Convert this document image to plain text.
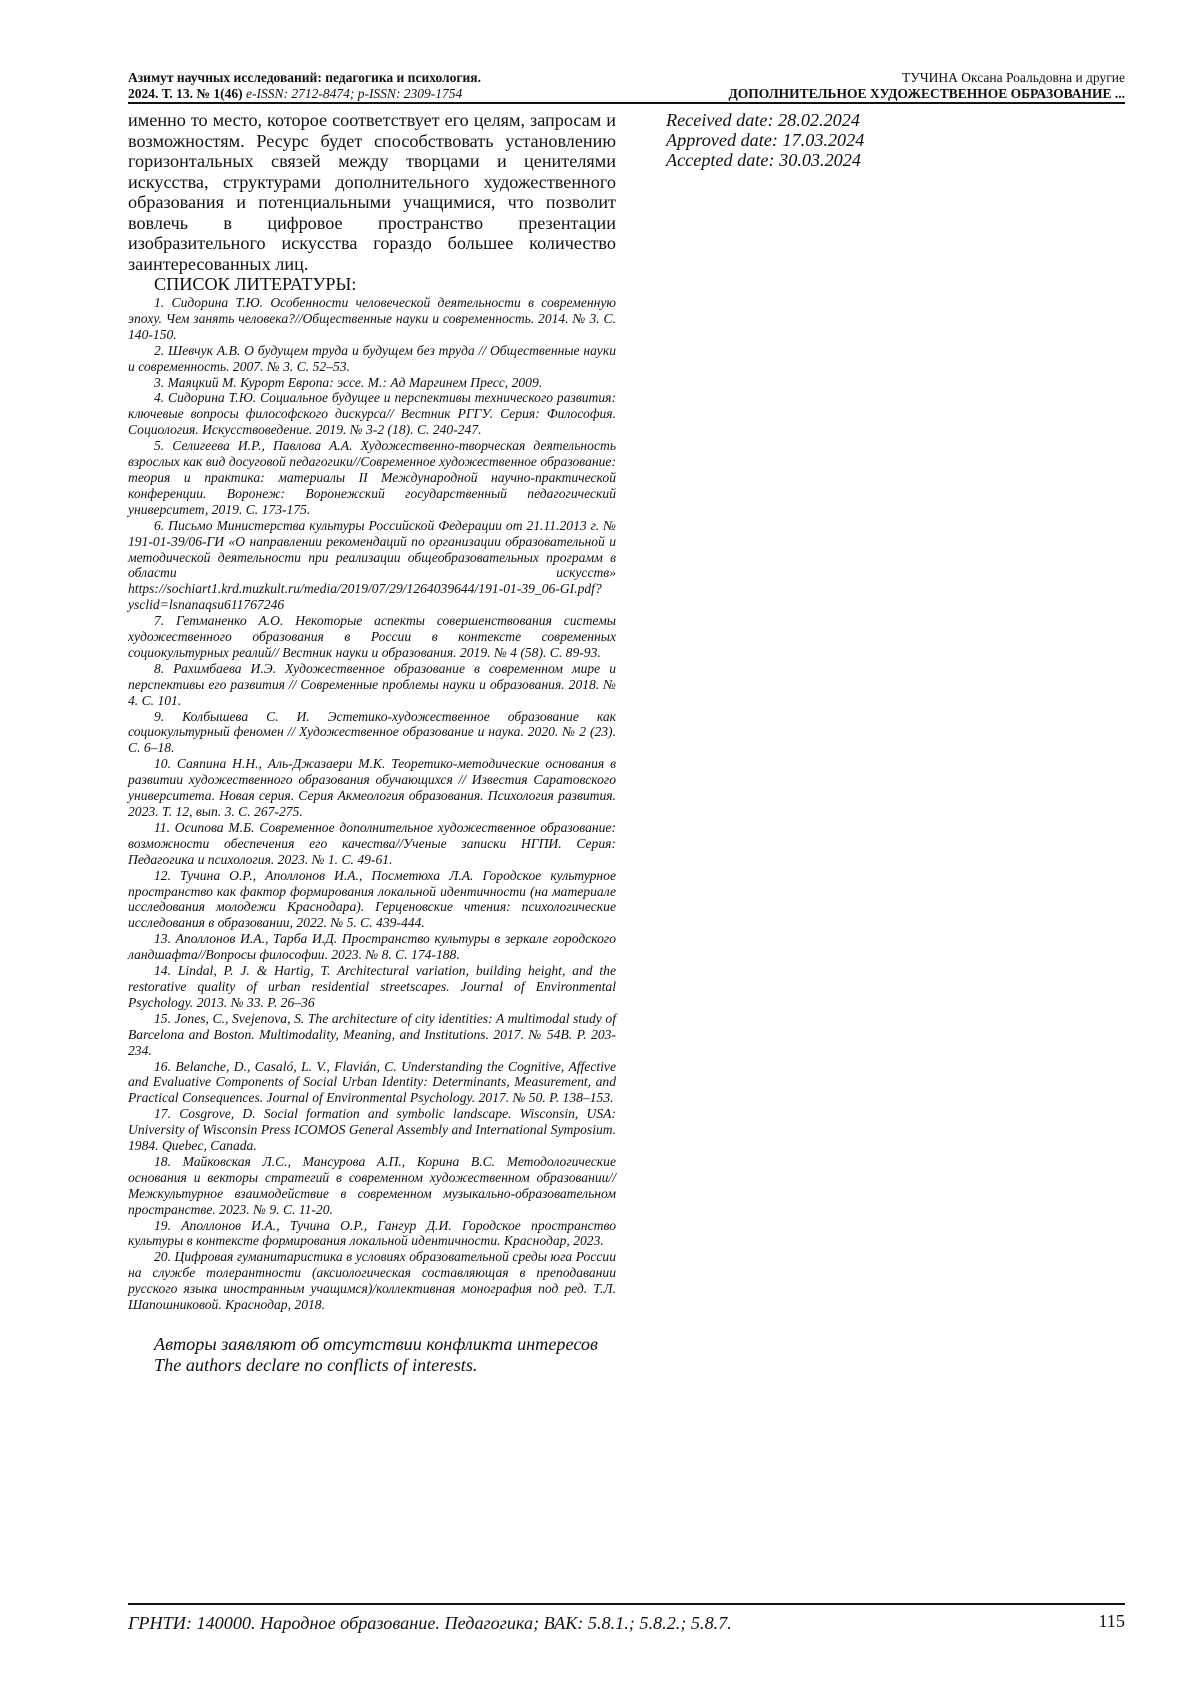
Азимут научных исследований: педагогика и психология.
2024. Т. 13. № 1(46) e-ISSN: 2712-8474; p-ISSN: 2309-1754
ТУЧИНА Оксана Роальдовна и другие
ДОПОЛНИТЕЛЬНОЕ ХУДОЖЕСТВЕННОЕ ОБРАЗОВАНИЕ ...

именно то место, которое соответствует его целям, запросам и возможностям. Ресурс будет способствовать установлению горизонтальных связей между творцами и ценителями искусства, структурами дополнительного художественного образования и потенциальными учащимися, что позволит вовлечь в цифровое пространство презентации изобразительного искусства гораздо большее количество заинтересованных лиц.

СПИСОК ЛИТЕРАТУРЫ:
1. Сидорина Т.Ю. Особенности человеческой деятельности в современную эпоху. Чем занять человека?//Общественные науки и современность. 2014. № 3. С. 140-150.
2. Шевчук А.В. О будущем труда и будущем без труда // Общественные науки и современность. 2007. № 3. С. 52–53.
3. Маяцкий М. Курорт Европа: эссе. М.: Ад Маргинем Пресс, 2009.
4. Сидорина Т.Ю. Социальное будущее и перспективы технического развития: ключевые вопросы философского дискурса// Вестник РГГУ. Серия: Философия. Социология. Искусствоведение. 2019. № 3-2 (18). С. 240-247.
5. Селигеева И.Р., Павлова А.А. Художественно-творческая деятельность взрослых как вид досуговой педагогики//Современное художественное образование: теория и практика: материалы II Международной научно-практической конференции. Воронеж: Воронежский государственный педагогический университет, 2019. С. 173-175.
6. Письмо Министерства культуры Российской Федерации от 21.11.2013 г. № 191-01-39/06-ГИ «О направлении рекомендаций по организации образовательной и методической деятельности при реализации общеобразовательных программ в области искусств» https://sochiart1.krd.muzkult.ru/media/2019/07/29/1264039644/191-01-39_06-GI.pdf?ysclid=lsnanaqsu611767246
7. Гетманенко А.О. Некоторые аспекты совершенствования системы художественного образования в России в контексте современных социокультурных реалий// Вестник науки и образования. 2019. № 4 (58). С. 89-93.
8. Рахимбаева И.Э. Художественное образование в современном мире и перспективы его развития // Современные проблемы науки и образования. 2018. № 4. С. 101.
9. Колбышева С. И. Эстетико-художественное образование как социокультурный феномен // Художественное образование и наука. 2020. № 2 (23). С. 6–18.
10. Саяпина Н.Н., Аль-Джазаери М.К. Теоретико-методические основания в развитии художественного образования обучающихся // Известия Саратовского университета. Новая серия. Серия Акмеология образования. Психология развития. 2023. Т. 12, вып. 3. С. 267-275.
11. Осипова М.Б. Современное дополнительное художественное образование: возможности обеспечения его качества//Ученые записки НГПИ. Серия: Педагогика и психология. 2023. № 1. С. 49-61.
12. Тучина О.Р., Аполлонов И.А., Посметюха Л.А. Городское культурное пространство как фактор формирования локальной идентичности (на материале исследования молодежи Краснодара). Герценовские чтения: психологические исследования в образовании, 2022. № 5. С. 439-444.
13. Аполлонов И.А., Тарба И.Д. Пространство культуры в зеркале городского ландшафта//Вопросы философии. 2023. № 8. С. 174-188.
14. Lindal, P. J. & Hartig, T. Architectural variation, building height, and the restorative quality of urban residential streetscapes. Journal of Environmental Psychology. 2013. № 33. P. 26–36
15. Jones, C., Svejenova, S. The architecture of city identities: A multimodal study of Barcelona and Boston. Multimodality, Meaning, and Institutions. 2017. № 54B. P. 203-234.
16. Belanche, D., Casaló, L. V., Flavián, C. Understanding the Cognitive, Affective and Evaluative Components of Social Urban Identity: Determinants, Measurement, and Practical Consequences. Journal of Environmental Psychology. 2017. № 50. P. 138–153.
17. Cosgrove, D. Social formation and symbolic landscape. Wisconsin, USA: University of Wisconsin Press ICOMOS General Assembly and International Symposium. 1984. Quebec, Canada.
18. Майковская Л.С., Мансурова А.П., Корина В.С. Методологические основания и векторы стратегий в современном художественном образовании// Межкультурное взаимодействие в современном музыкально-образовательном пространстве. 2023. № 9. С. 11-20.
19. Аполлонов И.А., Тучина О.Р., Гангур Д.И. Городское пространство культуры в контексте формирования локальной идентичности. Краснодар, 2023.
20. Цифровая гуманитаристика в условиях образовательной среды юга России на службе толерантности (аксиологическая составляющая в преподавании русского языка иностранным учащимся)/коллективная монография под ред. Т.Л. Шапошниковой. Краснодар, 2018.

Авторы заявляют об отсутствии конфликта интересов

The authors declare no conflicts of interests.

Received date: 28.02.2024

Approved date: 17.03.2024

Accepted date: 30.03.2024

ГРНТИ: 140000. Народное образование. Педагогика; ВАК: 5.8.1.; 5.8.2.; 5.8.7.	115
